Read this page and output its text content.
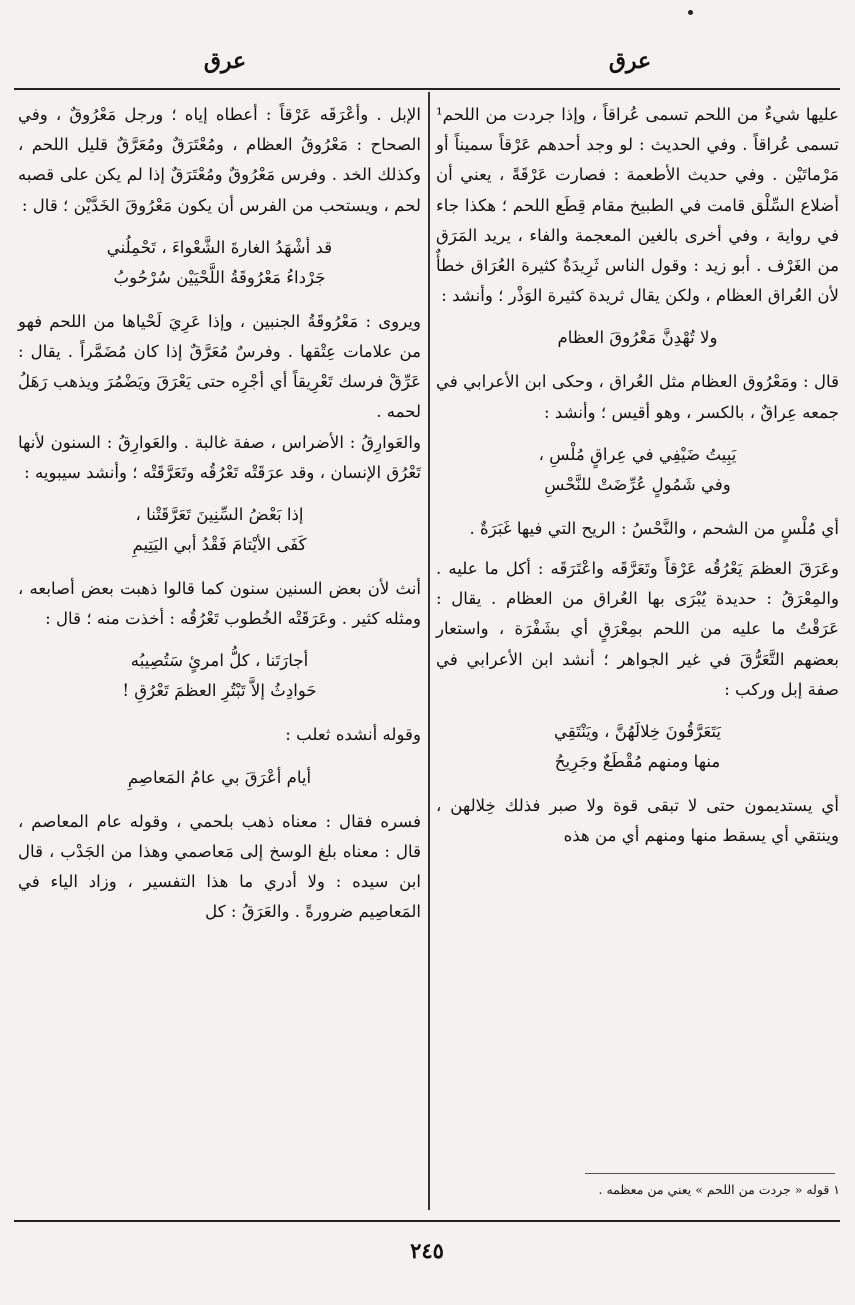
عرق
عرق

عليها شيءٌ من اللحم تسمى عُراقاً ، وإذا جردت من اللحم¹ تسمى عُراقاً . وفي الحديث : لو وجد أحدهم عَرْقاً سميناً أو مَرْماتَيْن . وفي حديث الأطعمة : فصارت عَرْقَةً ، يعني أن أضلاع السِّلْق قامت في الطبيخ مقام قِطَع اللحم ؛ هكذا جاء في رواية ، وفي أخرى بالغين المعجمة والفاء ، يريد المَرَق من الغَرْف . أبو زيد : وقول الناس ثَرِيدَةٌ كثيرة العُرَاق خطأٌ لأن العُراق العظام ، ولكن يقال ثريدة كثيرة الوَذْر ؛ وأنشد :

ولا تُهْدِنَّ مَعْرُوقَ العظام

قال : ومَعْرُوق العظام مثل العُراق ، وحكى ابن الأعرابي في جمعه عِراقٌ ، بالكسر ، وهو أقيس ؛ وأنشد :

يَبِيتُ ضَيْفِي في عِراقٍ مُلْسِ ،
وفي شَمُولٍ عُرِّضَتْ للنَّحْسِ

أي مُلْسٍ من الشحم ، والنَّحْسُ : الريح التي فيها غَبَرَةٌ .

وعَرَقَ العظمَ يَعْرُقُه عَرْقاً وتَعَرَّقَه واعْتَرَقَه : أكل ما عليه . والمِعْرَقُ : حديدة يُبْرَى بها العُراق من العظام . يقال : عَرَقْتُ ما عليه من اللحم بمِعْرَقٍ أي بشَفْرَة ، واستعار بعضهم التَّعَرُّقَ في غير الجواهر ؛ أنشد ابن الأعرابي في صفة إبل وركب :

يَتَعَرَّقُونَ خِلالَهُنَّ ، ويَنْتَقِي
منها ومنهم مُقْطَعٌ وجَرِيحُ

أي يستديمون حتى لا تبقى قوة ولا صبر فذلك خِلالهن ، وينتقي أي يسقط منها ومنهم أي من هذه

الإبل . وأعْرَقَه عَرْقاً : أعطاه إياه ؛ ورجل مَعْرُوقٌ ، وفي الصحاح : مَعْرُوقُ العظام ، ومُعْتَرَقٌ ومُعَرَّقٌ قليل اللحم ، وكذلك الخد . وفرس مَعْرُوقٌ ومُعْتَرَقٌ إذا لم يكن على قصبه لحم ، ويستحب من الفرس أن يكون مَعْرُوقَ الخَدَّيْن ؛ قال :

قد أشْهَدُ الغارةَ الشَّعْواءَ ، تَحْمِلُني
جَرْداءُ مَعْرُوقَةُ اللَّحْيَيْن سُرْحُوبُ

ويروى : مَعْرُوقَةُ الجنبين ، وإذا عَرِيَ لَحْياها من اللحم فهو من علامات عِتْقها . وفرسٌ مُعَرَّقٌ إذا كان مُضَمَّراً . يقال : عَرِّقْ فرسك تَعْرِيقاً أي أجْرِه حتى يَعْرَقَ ويَضْمُرَ ويذهب رَهَلُ لحمه .

والعَوارِقُ : الأضراس ، صفة غالبة . والعَوارِقُ : السنون لأنها تَعْرُق الإنسان ، وقد عرَقَتْه تَعْرُقُه وتَعَرَّقَتْه ؛ وأنشد سيبويه :

إذا بَعْضُ السِّنِينَ تَعَرَّقَتْنا ،
كَفَى الأيْتامَ فَقْدُ أبي اليَتِيمِ

أنث لأن بعض السنين سنون كما قالوا ذهبت بعض أصابعه ، ومثله كثير . وعَرَقَتْه الخُطوب تَعْرُقُه : أخذت منه ؛ قال :

أجارَتَنا ، كلُّ امرئٍ سَتُصِيبُه
حَوادِثُ إلاَّ تَبْتُرِ العظمَ تَعْرُقِ !

وقوله أنشده ثعلب :

أيام أعْرَقَ بي عامُ المَعاصِمِ

فسره فقال : معناه ذهب بلحمي ، وقوله عام المعاصم ، قال : معناه بلغ الوسخ إلى مَعاصمي وهذا من الجَدْب ، قال ابن سيده : ولا أدري ما هذا التفسير ، وزاد الياء في المَعاصِيم ضرورةً . والعَرَقُ : كل

١ قوله « جردت من اللحم » يعني من معظمه .
٢٤٥
